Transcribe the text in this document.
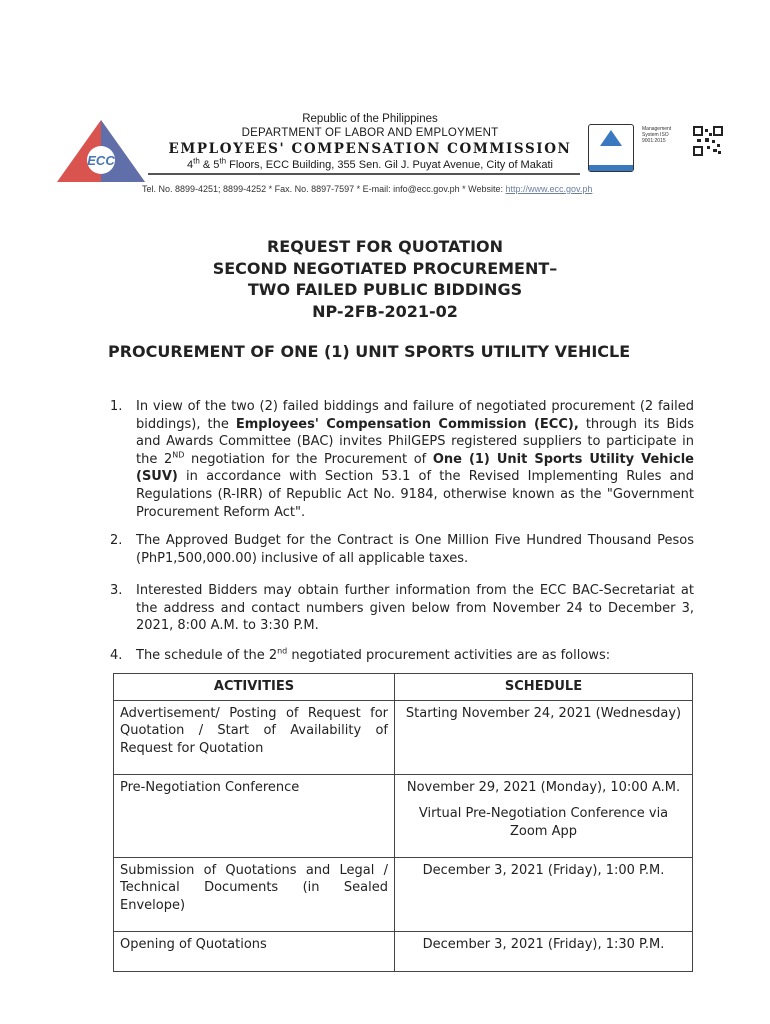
ECC
Republic of the Philippines
DEPARTMENT OF LABOR AND EMPLOYMENT
EMPLOYEES' COMPENSATION COMMISSION
4th & 5th Floors, ECC Building, 355 Sen. Gil J. Puyat Avenue, City of Makati
Management System ISO 9001:2015
Tel. No. 8899-4251; 8899-4252 * Fax. No. 8897-7597 * E-mail: info@ecc.gov.ph * Website: http://www.ecc.gov.ph
REQUEST FOR QUOTATION
SECOND NEGOTIATED PROCUREMENT–
TWO FAILED PUBLIC BIDDINGS
NP-2FB-2021-02
PROCUREMENT OF ONE (1) UNIT SPORTS UTILITY VEHICLE
1. In view of the two (2) failed biddings and failure of negotiated procurement (2 failed biddings), the Employees' Compensation Commission (ECC), through its Bids and Awards Committee (BAC) invites PhilGEPS registered suppliers to participate in the 2ND negotiation for the Procurement of One (1) Unit Sports Utility Vehicle (SUV) in accordance with Section 53.1 of the Revised Implementing Rules and Regulations (R-IRR) of Republic Act No. 9184, otherwise known as the "Government Procurement Reform Act".
2. The Approved Budget for the Contract is One Million Five Hundred Thousand Pesos (PhP1,500,000.00) inclusive of all applicable taxes.
3. Interested Bidders may obtain further information from the ECC BAC-Secretariat at the address and contact numbers given below from November 24 to December 3, 2021, 8:00 A.M. to 3:30 P.M.
4. The schedule of the 2nd negotiated procurement activities are as follows:
ACTIVITIES	SCHEDULE
Advertisement/ Posting of Request for Quotation / Start of Availability of Request for Quotation	Starting November 24, 2021 (Wednesday)
Pre-Negotiation Conference	November 29, 2021 (Monday), 10:00 A.M.
Virtual Pre-Negotiation Conference via Zoom App

Submission of Quotations and Legal / Technical Documents (in Sealed Envelope)	December 3, 2021 (Friday), 1:00 P.M.
Opening of Quotations	December 3, 2021 (Friday), 1:30 P.M.
